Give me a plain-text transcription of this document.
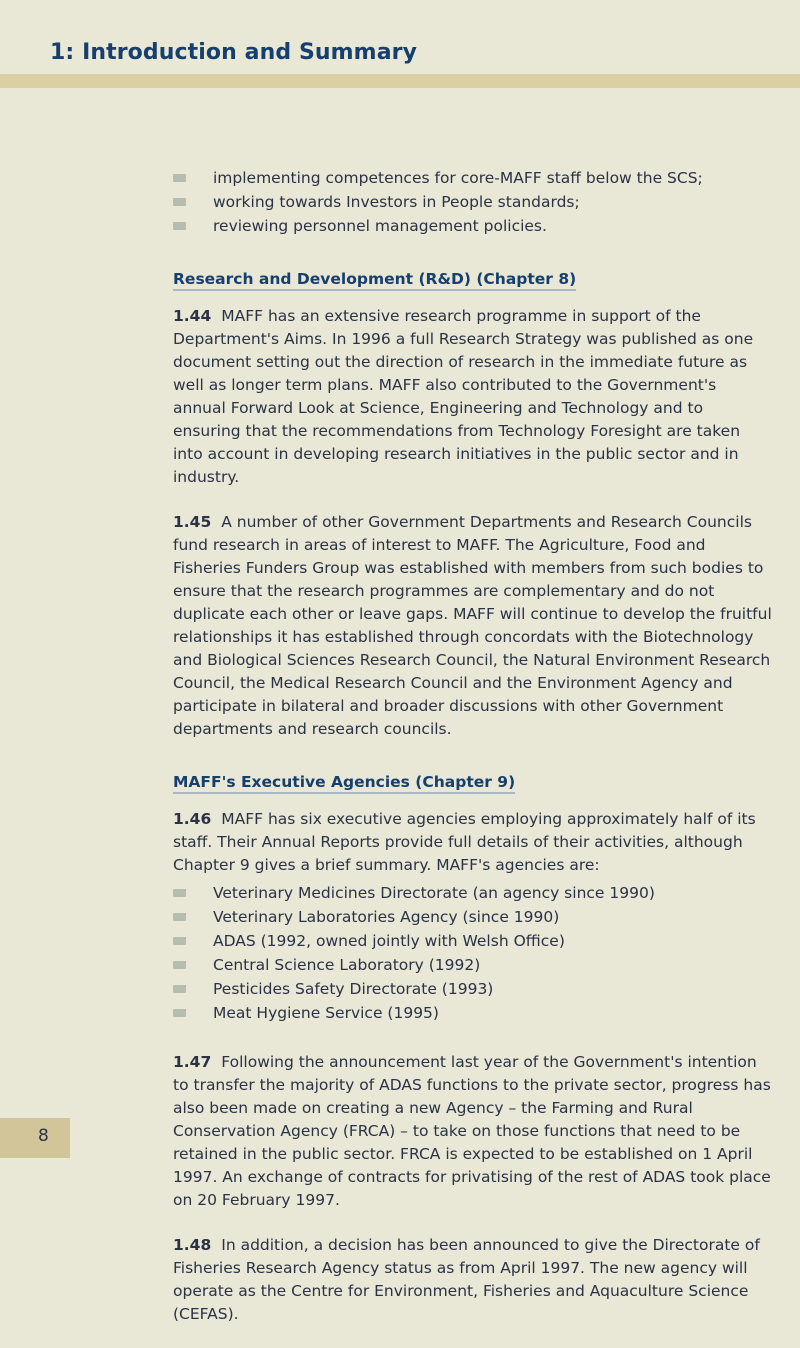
1: Introduction and Summary
implementing competences for core-MAFF staff below the SCS;
working towards Investors in People standards;
reviewing personnel management policies.
Research and Development (R&D) (Chapter 8)

1.44 MAFF has an extensive research programme in support of the Department's Aims. In 1996 a full Research Strategy was published as one document setting out the direction of research in the immediate future as well as longer term plans. MAFF also contributed to the Government's annual Forward Look at Science, Engineering and Technology and to ensuring that the recommendations from Technology Foresight are taken into account in developing research initiatives in the public sector and in industry.

1.45 A number of other Government Departments and Research Councils fund research in areas of interest to MAFF. The Agriculture, Food and Fisheries Funders Group was established with members from such bodies to ensure that the research programmes are complementary and do not duplicate each other or leave gaps. MAFF will continue to develop the fruitful relationships it has established through concordats with the Biotechnology and Biological Sciences Research Council, the Natural Environment Research Council, the Medical Research Council and the Environment Agency and participate in bilateral and broader discussions with other Government departments and research councils.

MAFF's Executive Agencies (Chapter 9)

1.46 MAFF has six executive agencies employing approximately half of its staff. Their Annual Reports provide full details of their activities, although Chapter 9 gives a brief summary. MAFF's agencies are:

Veterinary Medicines Directorate (an agency since 1990)
Veterinary Laboratories Agency (since 1990)
ADAS (1992, owned jointly with Welsh Office)
Central Science Laboratory (1992)
Pesticides Safety Directorate (1993)
Meat Hygiene Service (1995)

1.47 Following the announcement last year of the Government's intention to transfer the majority of ADAS functions to the private sector, progress has also been made on creating a new Agency – the Farming and Rural Conservation Agency (FRCA) – to take on those functions that need to be retained in the public sector. FRCA is expected to be established on 1 April 1997. An exchange of contracts for privatising of the rest of ADAS took place on 20 February 1997.

1.48 In addition, a decision has been announced to give the Directorate of Fisheries Research Agency status as from April 1997. The new agency will operate as the Centre for Environment, Fisheries and Aquaculture Science (CEFAS).

8
